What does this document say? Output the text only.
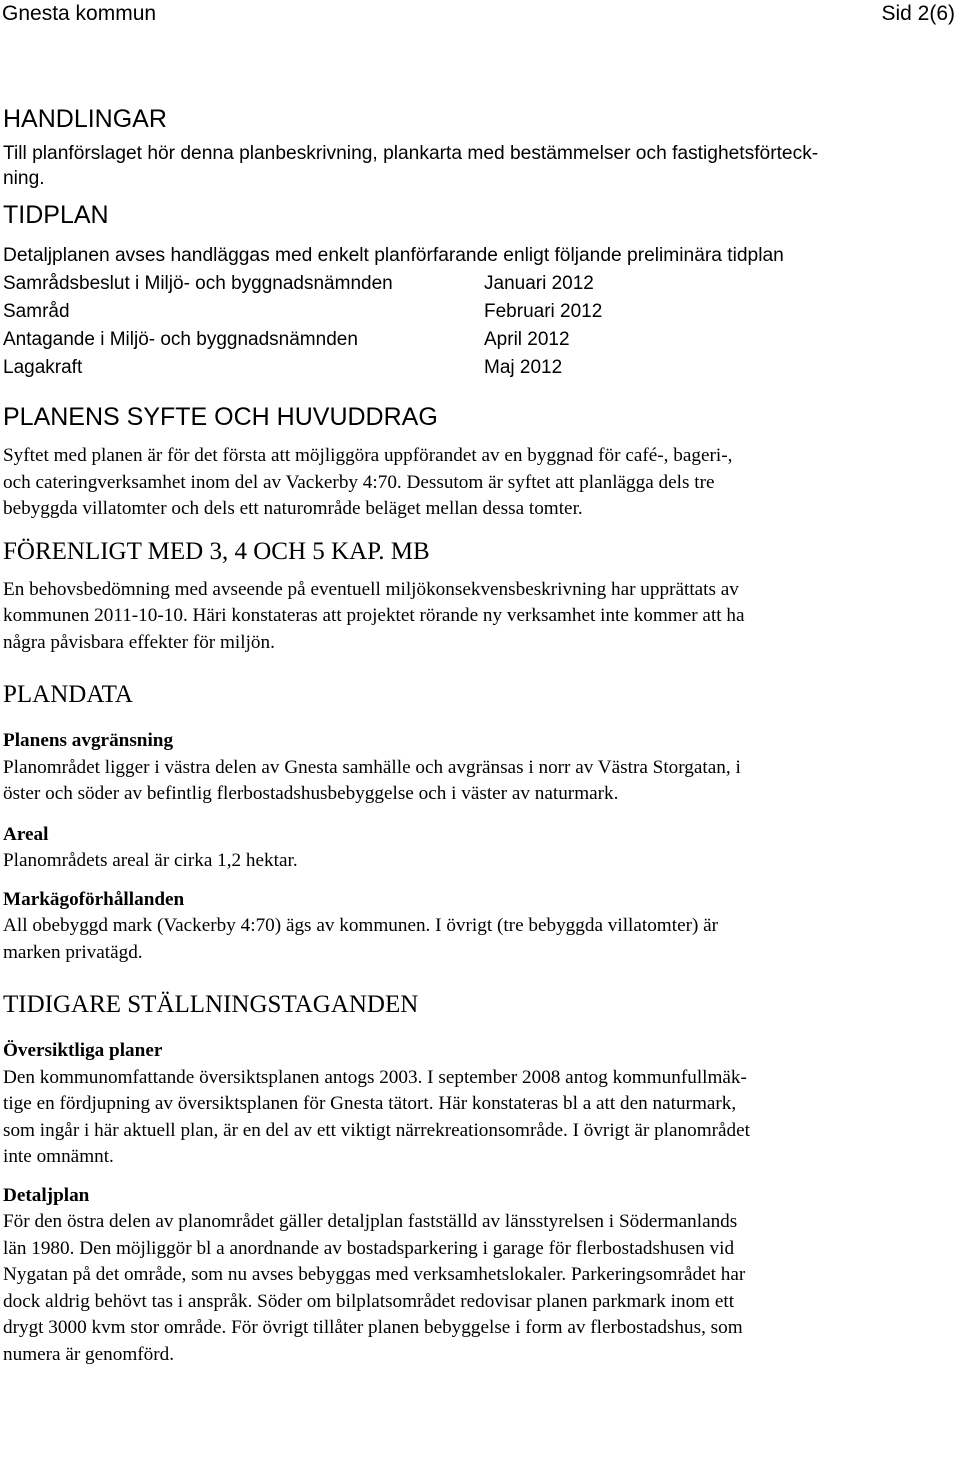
Gnesta kommun	Sid 2(6)
HANDLINGAR

Till planförslaget hör denna planbeskrivning, plankarta med bestämmelser och fastighetsförteck-

ning.

TIDPLAN

Detaljplanen avses handläggas med enkelt planförfarande enligt följande preliminära tidplan

Samrådsbeslut i Miljö- och byggnadsnämnden	Januari 2012
Samråd	Februari 2012
Antagande i Miljö- och byggnadsnämnden	April 2012
Lagakraft	Maj 2012
PLANENS SYFTE OCH HUVUDDRAG

Syftet med planen är för det första att möjliggöra uppförandet av en byggnad för café-, bageri-,

och cateringverksamhet inom del av Vackerby 4:70. Dessutom är syftet att planlägga dels tre

bebyggda villatomter och dels ett naturområde beläget mellan dessa tomter.

FÖRENLIGT MED 3, 4 OCH 5 KAP. MB

En behovsbedömning med avseende på eventuell miljökonsekvensbeskrivning har upprättats av

kommunen 2011-10-10. Häri konstateras att projektet rörande ny verksamhet inte kommer att ha

några påvisbara effekter för miljön.

PLANDATA

Planens avgränsning

Planområdet ligger i västra delen av Gnesta samhälle och avgränsas i norr av Västra Storgatan, i

öster och söder av befintlig flerbostadshusbebyggelse och i väster av naturmark.

Areal

Planområdets areal är cirka 1,2 hektar.

Markägoförhållanden

All obebyggd mark (Vackerby 4:70) ägs av kommunen. I övrigt (tre bebyggda villatomter) är

marken privatägd.

TIDIGARE STÄLLNINGSTAGANDEN

Översiktliga planer

Den kommunomfattande översiktsplanen antogs 2003. I september 2008 antog kommunfullmäk-

tige en fördjupning av översiktsplanen för Gnesta tätort. Här konstateras bl a att den naturmark,

som ingår i här aktuell plan, är en del av ett viktigt närrekreationsområde. I övrigt är planområdet

inte omnämnt.

Detaljplan

För den östra delen av planområdet gäller detaljplan fastställd av länsstyrelsen i Södermanlands

län 1980. Den möjliggör bl a anordnande av bostadsparkering i garage för flerbostadshusen vid

Nygatan på det område, som nu avses bebyggas med verksamhetslokaler. Parkeringsområdet har

dock aldrig behövt tas i anspråk. Söder om bilplatsområdet redovisar planen parkmark inom ett

drygt 3000 kvm stor område. För övrigt tillåter planen bebyggelse i form av flerbostadshus, som

numera är genomförd.
